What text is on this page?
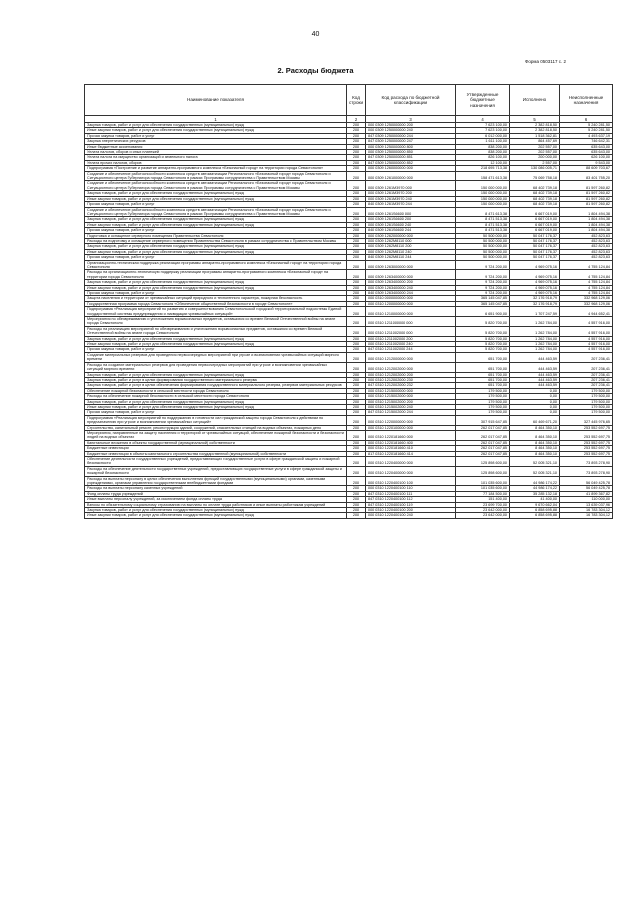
40
Форма 0503117 с. 2
2. Расходы бюджета
Наименование показателя	Код строки	Код расхода по бюджетной классификации	Утвержденные бюджетные назначения	Исполнено	Неисполненные назначения
1	2	3	4	5	6
Закупка товаров, работ и услуг для обеспечения государственных (муниципальных) нужд	200	000 0309 1250000000 200	7 623 100,00	2 382 818,50	5 240 281,50
Иные закупки товаров, работ и услуг для обеспечения государственных (муниципальных) нужд	200	000 0309 1250000000 240	7 623 100,00	2 382 818,50	5 240 281,50
Прочая закупка товаров, работ и услуг	200	847 0309 1250000000 244	6 012 000,00	1 518 362,81	4 493 637,19
Закупка энергетических ресурсов	200	847 0309 1250000000 247	1 611 100,00	864 457,69	746 642,31
Иные бюджетные ассигнования	200	000 0309 1250000000 800	838 200,00	202 557,00	635 643,00
Уплата налогов, сборов и иных платежей	200	000 0309 1250000000 850	838 200,00	202 557,00	635 643,00
Уплата налога на имущество организаций и земельного налога	200	847 0309 1250000000 851	826 100,00	200 000,00	626 100,00
Уплата прочих налогов, сборов	200	847 0309 1250000000 852	12 100,00	2 557,00	9 543,00
Подпрограмма «Построение и развитие аппаратно-программного комплекса «Безопасный город» на территории города Севастополя»	200	000 0309 1260000000 000	218 695 713,38	130 086 005,71	88 609 703,67
Создание и обеспечение работоспособности комплекса средств автоматизации Регионального «Безопасный город» города Севастополя и Ситуационного центра Губернатора города Севастополя в рамках Программы сотрудничества с Правительством Москвы	200	000 0309 1261000000 000	158 471 613,38	75 069 758,18	83 401 755,20
Создание и обеспечение работоспособности комплекса средств автоматизации Регионального «Безопасный город» города Севастополя и Ситуационного центра Губернатора города Севастополя в рамках Программы сотрудничества с Правительством Москвы	200	000 0309 1261М3970 000	150 000 000,00	68 402 739,18	81 597 260,82
Закупка товаров, работ и услуг для обеспечения государственных (муниципальных) нужд	200	000 0309 1261М3970 200	150 000 000,00	68 402 739,18	81 597 260,82
Иные закупки товаров, работ и услуг для обеспечения государственных (муниципальных) нужд	200	000 0309 1261М3970 240	150 000 000,00	68 402 739,18	81 597 260,82
Прочая закупка товаров, работ и услуг	200	840 0309 1261М3970 244	150 000 000,00	68 402 739,18	81 597 260,82
Создание и обеспечение работоспособности комплекса средств автоматизации Регионального «Безопасный город» города Севастополя и Ситуационного центра Губернатора города Севастополя в рамках Программы сотрудничества с Правительством Москвы	200	000 0309 1261S6600 000	8 471 613,38	6 667 019,00	1 804 494,38
Закупка товаров, работ и услуг для обеспечения государственных (муниципальных) нужд	200	000 0309 1261S6600 200	8 471 513,38	6 667 019,00	1 804 494,38
Иные закупки товаров, работ и услуг для обеспечения государственных (муниципальных) нужд	200	000 0309 1261S6600 240	8 471 513,38	6 667 019,00	1 804 494,38
Прочая закупка товаров, работ и услуг	200	840 0309 1261S6600 244	8 471 513,38	6 667 019,00	1 804 494,38
Подготовка и оснащение серверного помещения Правительства Севастополя	200	000 0309 1262000000 000	50 500 000,00	50 047 176,37	452 823,63
Расходы на подготовку и оснащение серверного помещения Правительства Севастополя в рамках сотрудничества с Правительством Москвы	200	000 0309 1262М8110 000	50 500 000,00	50 047 176,37	452 823,63
Закупка товаров, работ и услуг для обеспечения государственных (муниципальных) нужд	200	000 0309 1262М8110 200	50 500 000,00	50 047 176,37	452 823,63
Иные закупки товаров, работ и услуг для обеспечения государственных (муниципальных) нужд	200	000 0309 1262М8110 240	50 500 000,00	50 047 176,37	452 823,63
Прочая закупка товаров, работ и услуг	200	840 0309 1262М8110 244	50 500 000,00	50 047 176,37	452 823,63
Организационно-техническая поддержка реализации программы аппаратно-программного комплекса «Безопасный город» на территории города Севастополя	200	000 0309 1263000000 000	9 724 200,00	4 969 075,16	4 755 124,84
Расходы на организационно-техническую поддержку реализации программы аппаратно-программного комплекса «Безопасный город» на территории города Севастополя	200	000 0309 1263400000 000	9 724 200,00	4 969 075,16	4 755 124,84
Закупка товаров, работ и услуг для обеспечения государственных (муниципальных) нужд	200	000 0309 1263400000 200	9 724 200,00	4 969 075,16	4 755 124,84
Иные закупки товаров, работ и услуг для обеспечения государственных (муниципальных) нужд	200	000 0309 1263400000 240	9 724 200,00	4 969 075,16	4 755 124,84
Прочая закупка товаров, работ и услуг	200	840 0309 1263400000 244	9 724 200,00	4 969 075,16	4 755 124,84
Защита населения и территории от чрезвычайных ситуаций природного и техногенного характера, пожарная безопасность	200	000 0310 0000000000 000	365 145 047,85	32 176 918,79	332 968 129,06
Государственная программа города Севастополя «Обеспечение общественной безопасности в городе Севастополе»	200	000 0310 1200000000 000	365 145 047,85	32 176 918,79	332 968 129,06
Подпрограмма «Реализация мероприятий по развитию и совершенствованию Севастопольской городской территориальной подсистемы Единой государственной системы предупреждения и ликвидации чрезвычайных ситуаций»	200	000 0310 1210000000 000	6 651 900,00	1 707 247,59	4 944 652,41
Мероприятия по обезвреживанию и уничтожению взрывоопасных предметов, оставшихся со времен Великой Отечественной войны на земле города Севастополя	200	000 0310 1211000000 000	5 820 700,00	1 262 784,00	4 557 916,00
Расходы на реализацию мероприятий по обезвреживанию и уничтожению взрывоопасных предметов, оставшихся со времен Великой Отечественной войны на земле города Севастополя	200	000 0310 1211002000 000	5 820 700,00	1 262 784,00	4 557 916,00
Закупка товаров, работ и услуг для обеспечения государственных (муниципальных) нужд	200	000 0310 1211002000 200	5 820 700,00	1 262 784,00	4 557 916,00
Иные закупки товаров, работ и услуг для обеспечения государственных (муниципальных) нужд	200	000 0310 1211002000 240	5 820 700,00	1 262 784,00	4 557 916,00
Прочая закупка товаров, работ и услуг	200	847 0310 1211002000 244	5 820 700,00	1 262 784,00	4 557 916,00
Создание материальных резервов для проведения первоочередных мероприятий при угрозе и возникновении чрезвычайных ситуаций мирного времени	200	000 0310 1212000000 000	651 700,00	444 463,59	207 236,41
Расходы на создание материальных резервов для проведения первоочередных мероприятий при угрозе и возникновении чрезвычайных ситуаций мирного времени	200	000 0310 1212002000 000	651 700,00	444 463,59	207 236,41
Закупка товаров, работ и услуг для обеспечения государственных (муниципальных) нужд	200	000 0310 1212002000 200	651 700,00	444 463,59	207 236,41
Закупка товаров, работ и услуг в целях формирования государственного материального резерва	200	000 0310 1212002000 230	651 700,00	444 463,59	207 236,41
Закупка товаров, работ и услуг в целях обеспечения формирования государственного материального резерва, резервов материальных ресурсов	200	847 0310 1212002000 232	651 700,00	444 463,59	207 236,41
Обеспечение пожарной безопасности в сельской местности города Севастополя	200	000 0310 1215000000 000	179 500,00	0,00	179 500,00
Расходы на обеспечение пожарной безопасности в сельской местности города Севастополя	200	000 0310 1215002000 000	179 500,00	0,00	179 500,00
Закупка товаров, работ и услуг для обеспечения государственных (муниципальных) нужд	200	000 0310 1215002000 200	179 500,00	0,00	179 500,00
Иные закупки товаров, работ и услуг для обеспечения государственных (муниципальных) нужд	200	000 0310 1215002000 240	179 500,00	0,00	179 500,00
Прочая закупка товаров, работ и услуг	200	847 0310 1215002000 244	179 500,00	0,00	179 500,00
Подпрограмма «Реализация мероприятий по поддержанию в готовности сил гражданской защиты города Севастополя к действиям по предназначению при угрозе и возникновении чрезвычайных ситуаций»	200	000 0310 1220000000 000	307 915 647,85	60 469 671,20	327 445 976,65
Строительство, капитальный ремонт, реконструкция зданий, сооружений, спасательных станций на водных объектах, пожарных депо	200	000 0310 1220100000 000	262 017 047,85	8 464 350,10	253 552 697,75
Мероприятия, направленные на защиту населения и территорий от чрезвычайных ситуаций, обеспечение пожарной безопасности и безопасности людей на водных объектах	200	000 0310 1220181660 000	262 017 047,85	8 464 350,10	253 552 697,75
Капитальные вложения в объекты государственной (муниципальной) собственности	200	000 0310 1220181660 400	262 017 047,85	8 464 350,10	253 552 697,75
Бюджетные инвестиции	200	000 0310 1220181660 410	262 017 047,85	8 464 350,10	253 552 697,75
Бюджетные инвестиции в объекты капитального строительства государственной (муниципальной) собственности	200	817 0310 1220181660 414	262 017 047,85	8 464 350,10	253 552 697,75
Обеспечение деятельности государственных учреждений, предоставляющих государственные услуги в сфере гражданской защиты и пожарной безопасности	200	000 0310 1220400000 000	125 898 600,00	52 005 321,10	73 893 278,90
Расходы на обеспечение деятельности государственных учреждений, предоставляющих государственные услуги в сфере гражданской защиты и пожарной безопасности	200	000 0310 1220400000 000	125 898 600,00	52 005 321,10	73 893 278,90
Расходы на выплаты персоналу в целях обеспечения выполнения функций государственными (муниципальными) органами, казенными учреждениями, органами управления государственными внебюджетными фондами	200	000 0310 1220400100 100	101 035 600,00	44 986 174,22	56 049 425,78
Расходы на выплаты персоналу казенных учреждений	200	000 0310 1220400100 110	101 035 600,00	44 986 174,22	56 049 425,78
Фонд оплаты труда учреждений	200	847 0310 1220400100 111	77 184 500,00	35 285 132,18	41 899 367,82
Иные выплаты персоналу учреждений, за исключением фонда оплаты труда	200	847 0310 1220400100 112	151 400,00	41 400,00	110 000,00
Взносы по обязательному социальному страхованию на выплаты по оплате труда работников и иные выплаты работникам учреждений	200	847 0310 1220400100 119	23 699 700,00	9 670 662,04	13 639 037,96
Закупка товаров, работ и услуг для обеспечения государственных (муниципальных) нужд	200	000 0310 1220400100 200	23 642 000,00	6 858 695,88	16 783 304,12
Иные закупки товаров, работ и услуг для обеспечения государственных (муниципальных) нужд	200	000 0310 1220400100 240	23 642 000,00	6 858 695,88	16 783 304,12
